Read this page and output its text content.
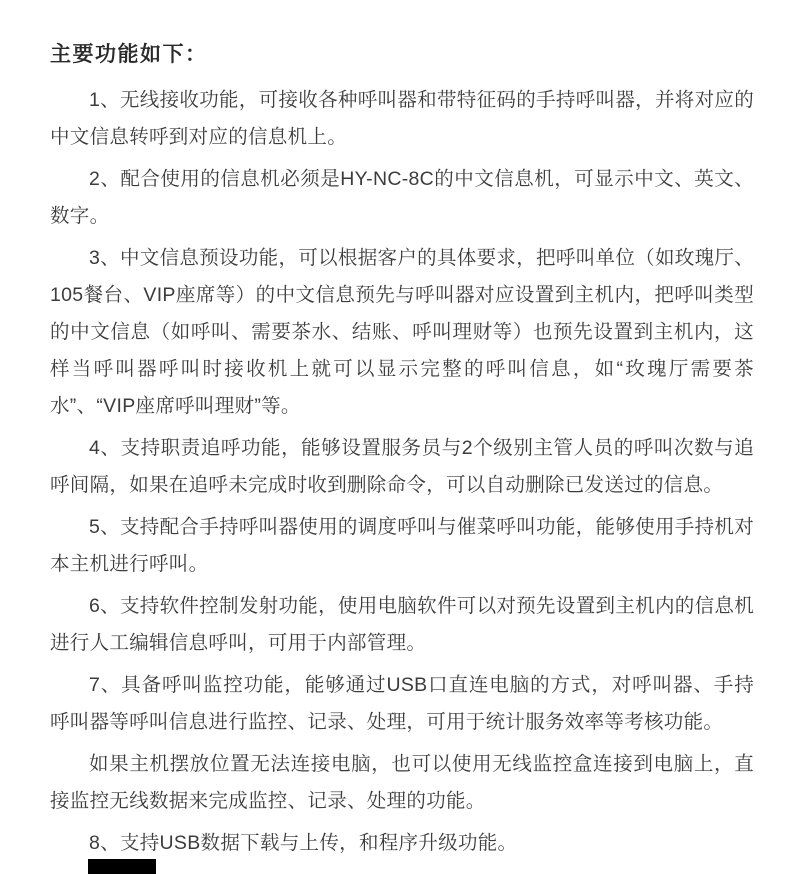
主要功能如下：

1、无线接收功能，可接收各种呼叫器和带特征码的手持呼叫器，并将对应的中文信息转呼到对应的信息机上。

2、配合使用的信息机必须是HY-NC-8C的中文信息机，可显示中文、英文、数字。

3、中文信息预设功能，可以根据客户的具体要求，把呼叫单位（如玫瑰厅、105餐台、VIP座席等）的中文信息预先与呼叫器对应设置到主机内，把呼叫类型的中文信息（如呼叫、需要茶水、结账、呼叫理财等）也预先设置到主机内，这样当呼叫器呼叫时接收机上就可以显示完整的呼叫信息，如“玫瑰厅需要茶水”、“VIP座席呼叫理财”等。

4、支持职责追呼功能，能够设置服务员与2个级别主管人员的呼叫次数与追呼间隔，如果在追呼未完成时收到删除命令，可以自动删除已发送过的信息。

5、支持配合手持呼叫器使用的调度呼叫与催菜呼叫功能，能够使用手持机对本主机进行呼叫。

6、支持软件控制发射功能，使用电脑软件可以对预先设置到主机内的信息机进行人工编辑信息呼叫，可用于内部管理。

7、具备呼叫监控功能，能够通过USB口直连电脑的方式，对呼叫器、手持呼叫器等呼叫信息进行监控、记录、处理，可用于统计服务效率等考核功能。

如果主机摆放位置无法连接电脑，也可以使用无线监控盒连接到电脑上，直接监控无线数据来完成监控、记录、处理的功能。

8、支持USB数据下载与上传，和程序升级功能。
